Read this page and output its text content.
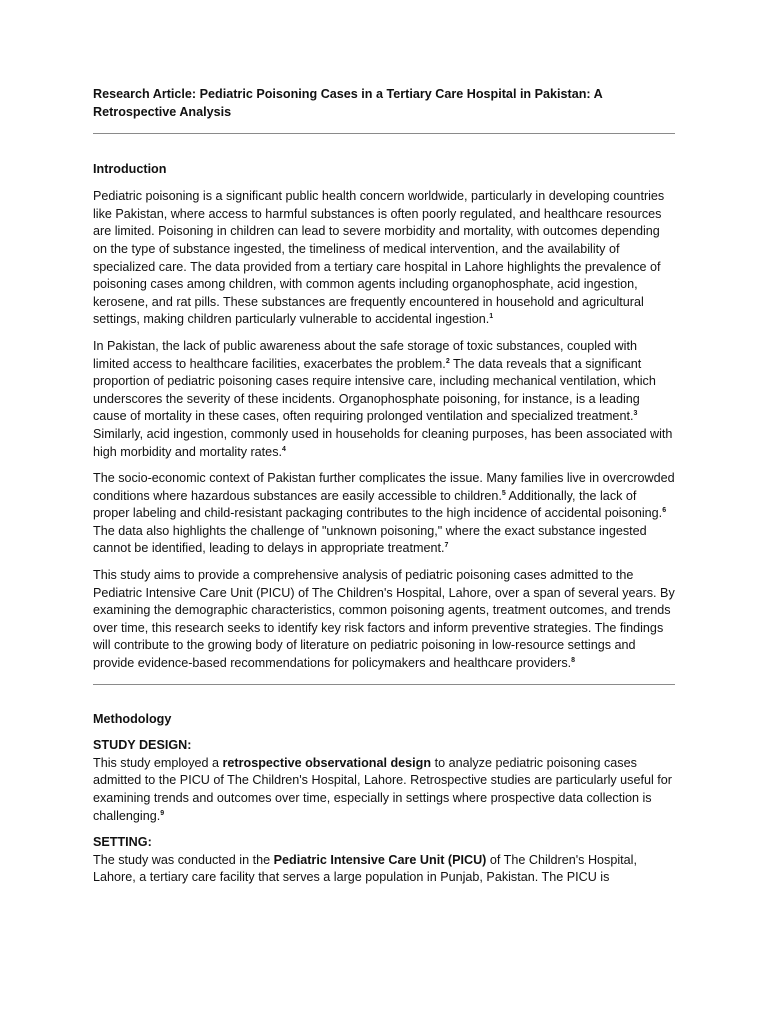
Research Article: Pediatric Poisoning Cases in a Tertiary Care Hospital in Pakistan: A Retrospective Analysis

Introduction

Pediatric poisoning is a significant public health concern worldwide, particularly in developing countries like Pakistan, where access to harmful substances is often poorly regulated, and healthcare resources are limited. Poisoning in children can lead to severe morbidity and mortality, with outcomes depending on the type of substance ingested, the timeliness of medical intervention, and the availability of specialized care. The data provided from a tertiary care hospital in Lahore highlights the prevalence of poisoning cases among children, with common agents including organophosphate, acid ingestion, kerosene, and rat pills. These substances are frequently encountered in household and agricultural settings, making children particularly vulnerable to accidental ingestion.$^1$

In Pakistan, the lack of public awareness about the safe storage of toxic substances, coupled with limited access to healthcare facilities, exacerbates the problem.$^2$ The data reveals that a significant proportion of pediatric poisoning cases require intensive care, including mechanical ventilation, which underscores the severity of these incidents. Organophosphate poisoning, for instance, is a leading cause of mortality in these cases, often requiring prolonged ventilation and specialized treatment.$^3$ Similarly, acid ingestion, commonly used in households for cleaning purposes, has been associated with high morbidity and mortality rates.$^4$

The socio-economic context of Pakistan further complicates the issue. Many families live in overcrowded conditions where hazardous substances are easily accessible to children.$^5$ Additionally, the lack of proper labeling and child-resistant packaging contributes to the high incidence of accidental poisoning.$^6$ The data also highlights the challenge of "unknown poisoning," where the exact substance ingested cannot be identified, leading to delays in appropriate treatment.$^7$

This study aims to provide a comprehensive analysis of pediatric poisoning cases admitted to the Pediatric Intensive Care Unit (PICU) of The Children's Hospital, Lahore, over a span of several years. By examining the demographic characteristics, common poisoning agents, treatment outcomes, and trends over time, this research seeks to identify key risk factors and inform preventive strategies. The findings will contribute to the growing body of literature on pediatric poisoning in low-resource settings and provide evidence-based recommendations for policymakers and healthcare providers.$^8$

Methodology

STUDY DESIGN:
This study employed a retrospective observational design to analyze pediatric poisoning cases admitted to the PICU of The Children's Hospital, Lahore. Retrospective studies are particularly useful for examining trends and outcomes over time, especially in settings where prospective data collection is challenging.$^9$

SETTING:
The study was conducted in the Pediatric Intensive Care Unit (PICU) of The Children's Hospital, Lahore, a tertiary care facility that serves a large population in Punjab, Pakistan. The PICU is
